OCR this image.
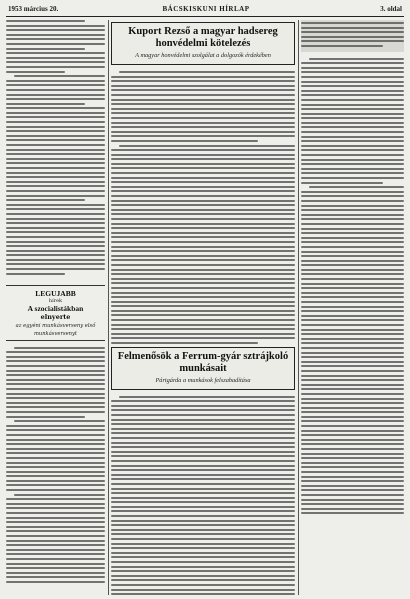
1953 március 20.	BÁCSKISKUNI HÍRLAP	3. oldal
LEGUJABB
hírek
A szocialistákban
elnyerte
az egyéni munkásverseny első
munkásversenyt
Kuport Rezső a magyar hadsereg
honvédelmi kötelezés
A magyar honvédelmi szolgálat a dolgozók érdekében
Felmenősök a Ferrum-gyár sztrájkoló
munkásait
Pártgárda a munkások felszabadítása
